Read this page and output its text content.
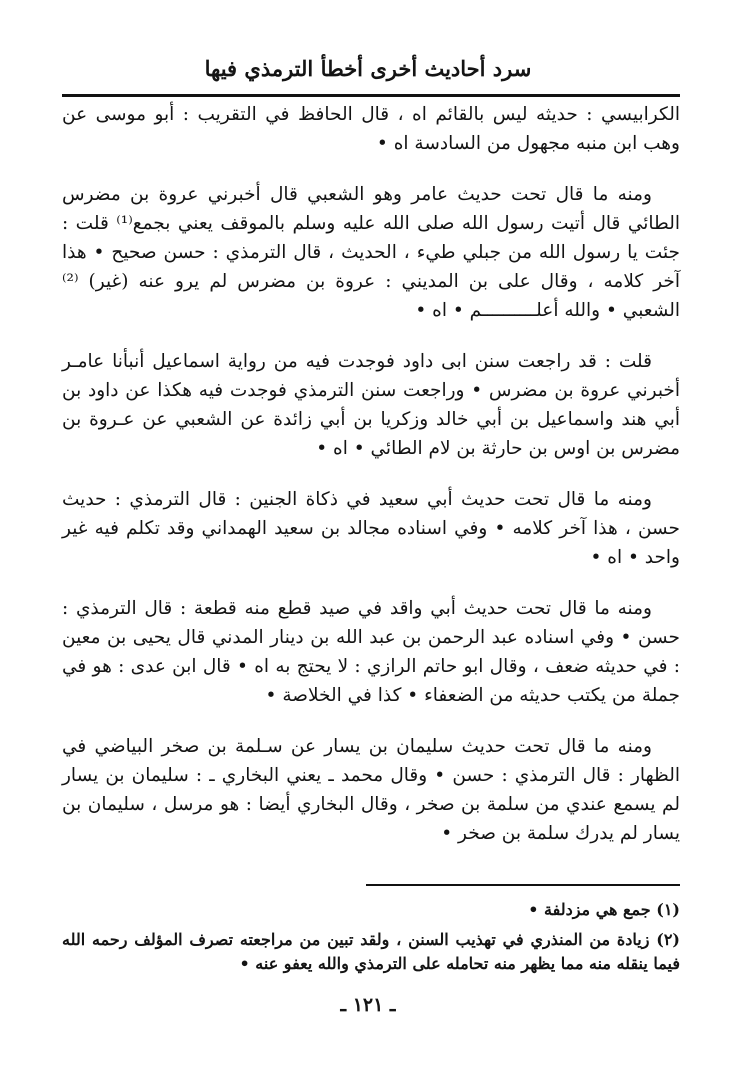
سرد أحاديث أخرى أخطأ الترمذي فيها

الكرابيسي : حديثه ليس بالقائم اه ، قال الحافظ في التقريب : أبو موسى عن وهب ابن منبه مجهول من السادسة اه •

ومنه ما قال تحت حديث عامر وهو الشعبي قال أخبرني عروة بن مضرس الطائي قال أتيت رسول الله صلى الله عليه وسلم بالموقف يعني بجمع⁽¹⁾ قلت : جئت يا رسول الله من جبلي طيء ، الحديث ، قال الترمذي : حسن صحيح • هذا آخر كلامه ، وقال على بن المديني : عروة بن مضرس لم يرو عنه (غير) ⁽²⁾ الشعبي • والله أعلــــــــــم • اه •

قلت : قد راجعت سنن ابى داود فوجدت فيه من رواية اسماعيل أنبأنا عامـر أخبرني عروة بن مضرس • وراجعت سنن الترمذي فوجدت فيه هكذا عن داود بن أبي هند واسماعيل بن أبي خالد وزكريا بن أبي زائدة عن الشعبي عن عـروة بن مضرس بن اوس بن حارثة بن لام الطائي • اه •

ومنه ما قال تحت حديث أبي سعيد في ذكاة الجنين : قال الترمذي : حديث حسن ، هذا آخر كلامه • وفي اسناده مجالد بن سعيد الهمداني وقد تكلم فيه غير واحد • اه •

ومنه ما قال تحت حديث أبي واقد في صيد قطع منه قطعة : قال الترمذي : حسن • وفي اسناده عبد الرحمن بن عبد الله بن دينار المدني قال يحيى بن معين : في حديثه ضعف ، وقال ابو حاتم الرازي : لا يحتج به اه • قال ابن عدى : هو في جملة من يكتب حديثه من الضعفاء • كذا في الخلاصة •

ومنه ما قال تحت حديث سليمان بن يسار عن سـلمة بن صخر البياضي في الظهار : قال الترمذي : حسن • وقال محمد ـ يعني البخاري ـ : سليمان بن يسار لم يسمع عندي من سلمة بن صخر ، وقال البخاري أيضا : هو مرسل ، سليمان بن يسار لم يدرك سلمة بن صخر •

(١) جمع هي مزدلفة •

(٢) زيادة من المنذري في تهذيب السنن ، ولقد تبين من مراجعته تصرف المؤلف رحمه الله فيما ينقله منه مما يظهر منه تحامله على الترمذي والله يعفو عنه •

ـ ١٢١ ـ
